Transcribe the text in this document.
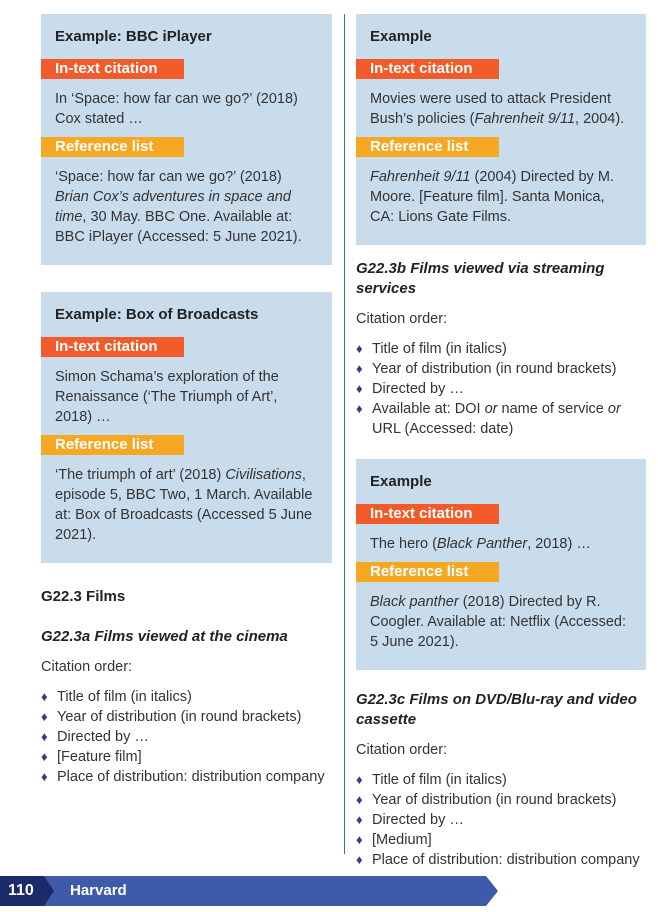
Example: BBC iPlayer
In-text citation

In ‘Space: how far can we go?’ (2018) Cox stated …

Reference list

‘Space: how far can we go?’ (2018) Brian Cox’s adventures in space and time, 30 May. BBC One. Available at: BBC iPlayer (Accessed: 5 June 2021).

Example: Box of Broadcasts
In-text citation

Simon Schama’s exploration of the Renaissance (‘The Triumph of Art’, 2018) …

Reference list

‘The triumph of art’ (2018) Civilisations, episode 5, BBC Two, 1 March. Available at: Box of Broadcasts (Accessed 5 June 2021).

G22.3 Films
G22.3a Films viewed at the cinema

Citation order:

♦ Title of film (in italics)
♦ Year of distribution (in round brackets)
♦ Directed by …
♦ [Feature film]
♦ Place of distribution: distribution company
Example
In-text citation

Movies were used to attack President Bush’s policies (Fahrenheit 9/11, 2004).

Reference list

Fahrenheit 9/11 (2004) Directed by M. Moore. [Feature film]. Santa Monica, CA: Lions Gate Films.

G22.3b Films viewed via streaming services

Citation order:

♦ Title of film (in italics)
♦ Year of distribution (in round brackets)
♦ Directed by …
♦ Available at: DOI or name of service or URL (Accessed: date)
Example
In-text citation

The hero (Black Panther, 2018) …

Reference list

Black panther (2018) Directed by R. Coogler. Available at: Netflix (Accessed: 5 June 2021).

G22.3c Films on DVD/Blu-ray and video cassette

Citation order:

♦ Title of film (in italics)
♦ Year of distribution (in round brackets)
♦ Directed by …
♦ [Medium]
♦ Place of distribution: distribution company
110 Harvard
